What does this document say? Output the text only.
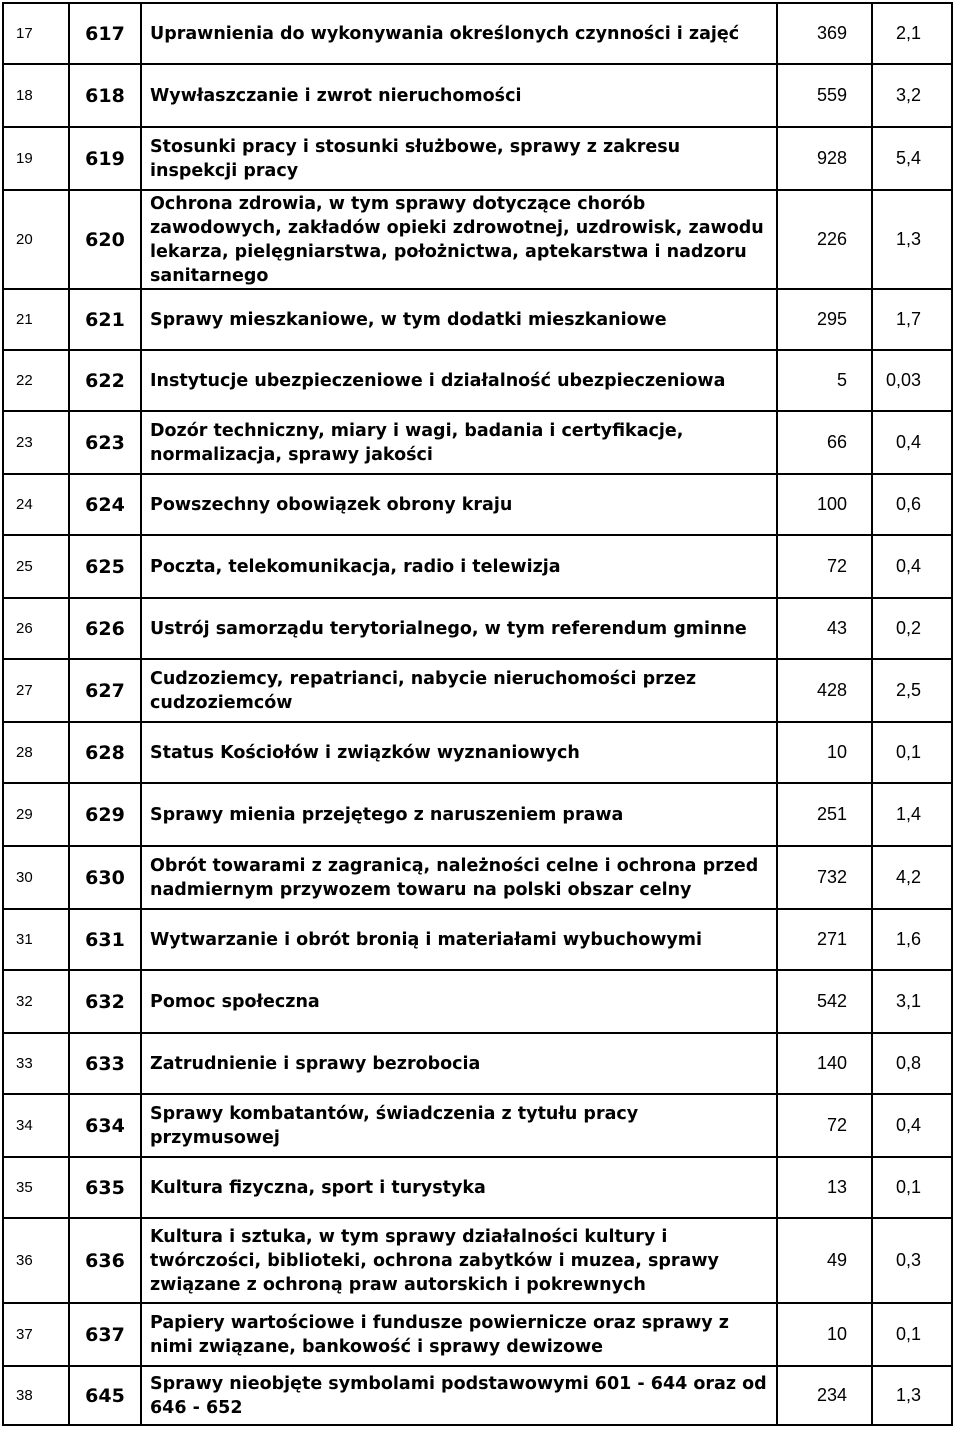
17	617	Uprawnienia do wykonywania określonych czynności i zajęć	369	2,1
18	618	Wywłaszczanie i zwrot nieruchomości	559	3,2
19	619	Stosunki pracy i stosunki służbowe, sprawy z zakresu inspekcji pracy	928	5,4
20	620	Ochrona zdrowia, w tym sprawy dotyczące chorób zawodowych, zakładów opieki zdrowotnej, uzdrowisk, zawodu lekarza, pielęgniarstwa, położnictwa, aptekarstwa i nadzoru sanitarnego	226	1,3
21	621	Sprawy mieszkaniowe, w tym dodatki mieszkaniowe	295	1,7
22	622	Instytucje ubezpieczeniowe i działalność ubezpieczeniowa	5	0,03
23	623	Dozór techniczny, miary i wagi, badania i certyfikacje, normalizacja, sprawy jakości	66	0,4
24	624	Powszechny obowiązek obrony kraju	100	0,6
25	625	Poczta, telekomunikacja, radio i telewizja	72	0,4
26	626	Ustrój samorządu terytorialnego, w tym referendum gminne	43	0,2
27	627	Cudzoziemcy, repatrianci, nabycie nieruchomości przez cudzoziemców	428	2,5
28	628	Status Kościołów i związków wyznaniowych	10	0,1
29	629	Sprawy mienia przejętego z naruszeniem prawa	251	1,4
30	630	Obrót towarami z zagranicą, należności celne i ochrona przed nadmiernym przywozem towaru na polski obszar celny	732	4,2
31	631	Wytwarzanie i obrót bronią i materiałami wybuchowymi	271	1,6
32	632	Pomoc społeczna	542	3,1
33	633	Zatrudnienie i sprawy bezrobocia	140	0,8
34	634	Sprawy kombatantów, świadczenia z tytułu pracy przymusowej	72	0,4
35	635	Kultura fizyczna, sport i turystyka	13	0,1
36	636	Kultura i sztuka, w tym sprawy działalności kultury i twórczości, biblioteki, ochrona zabytków i muzea, sprawy związane z ochroną praw autorskich i pokrewnych	49	0,3
37	637	Papiery wartościowe i fundusze powiernicze oraz sprawy z nimi związane, bankowość i sprawy dewizowe	10	0,1
38	645	Sprawy nieobjęte symbolami podstawowymi 601 - 644 oraz od 646 - 652	234	1,3
